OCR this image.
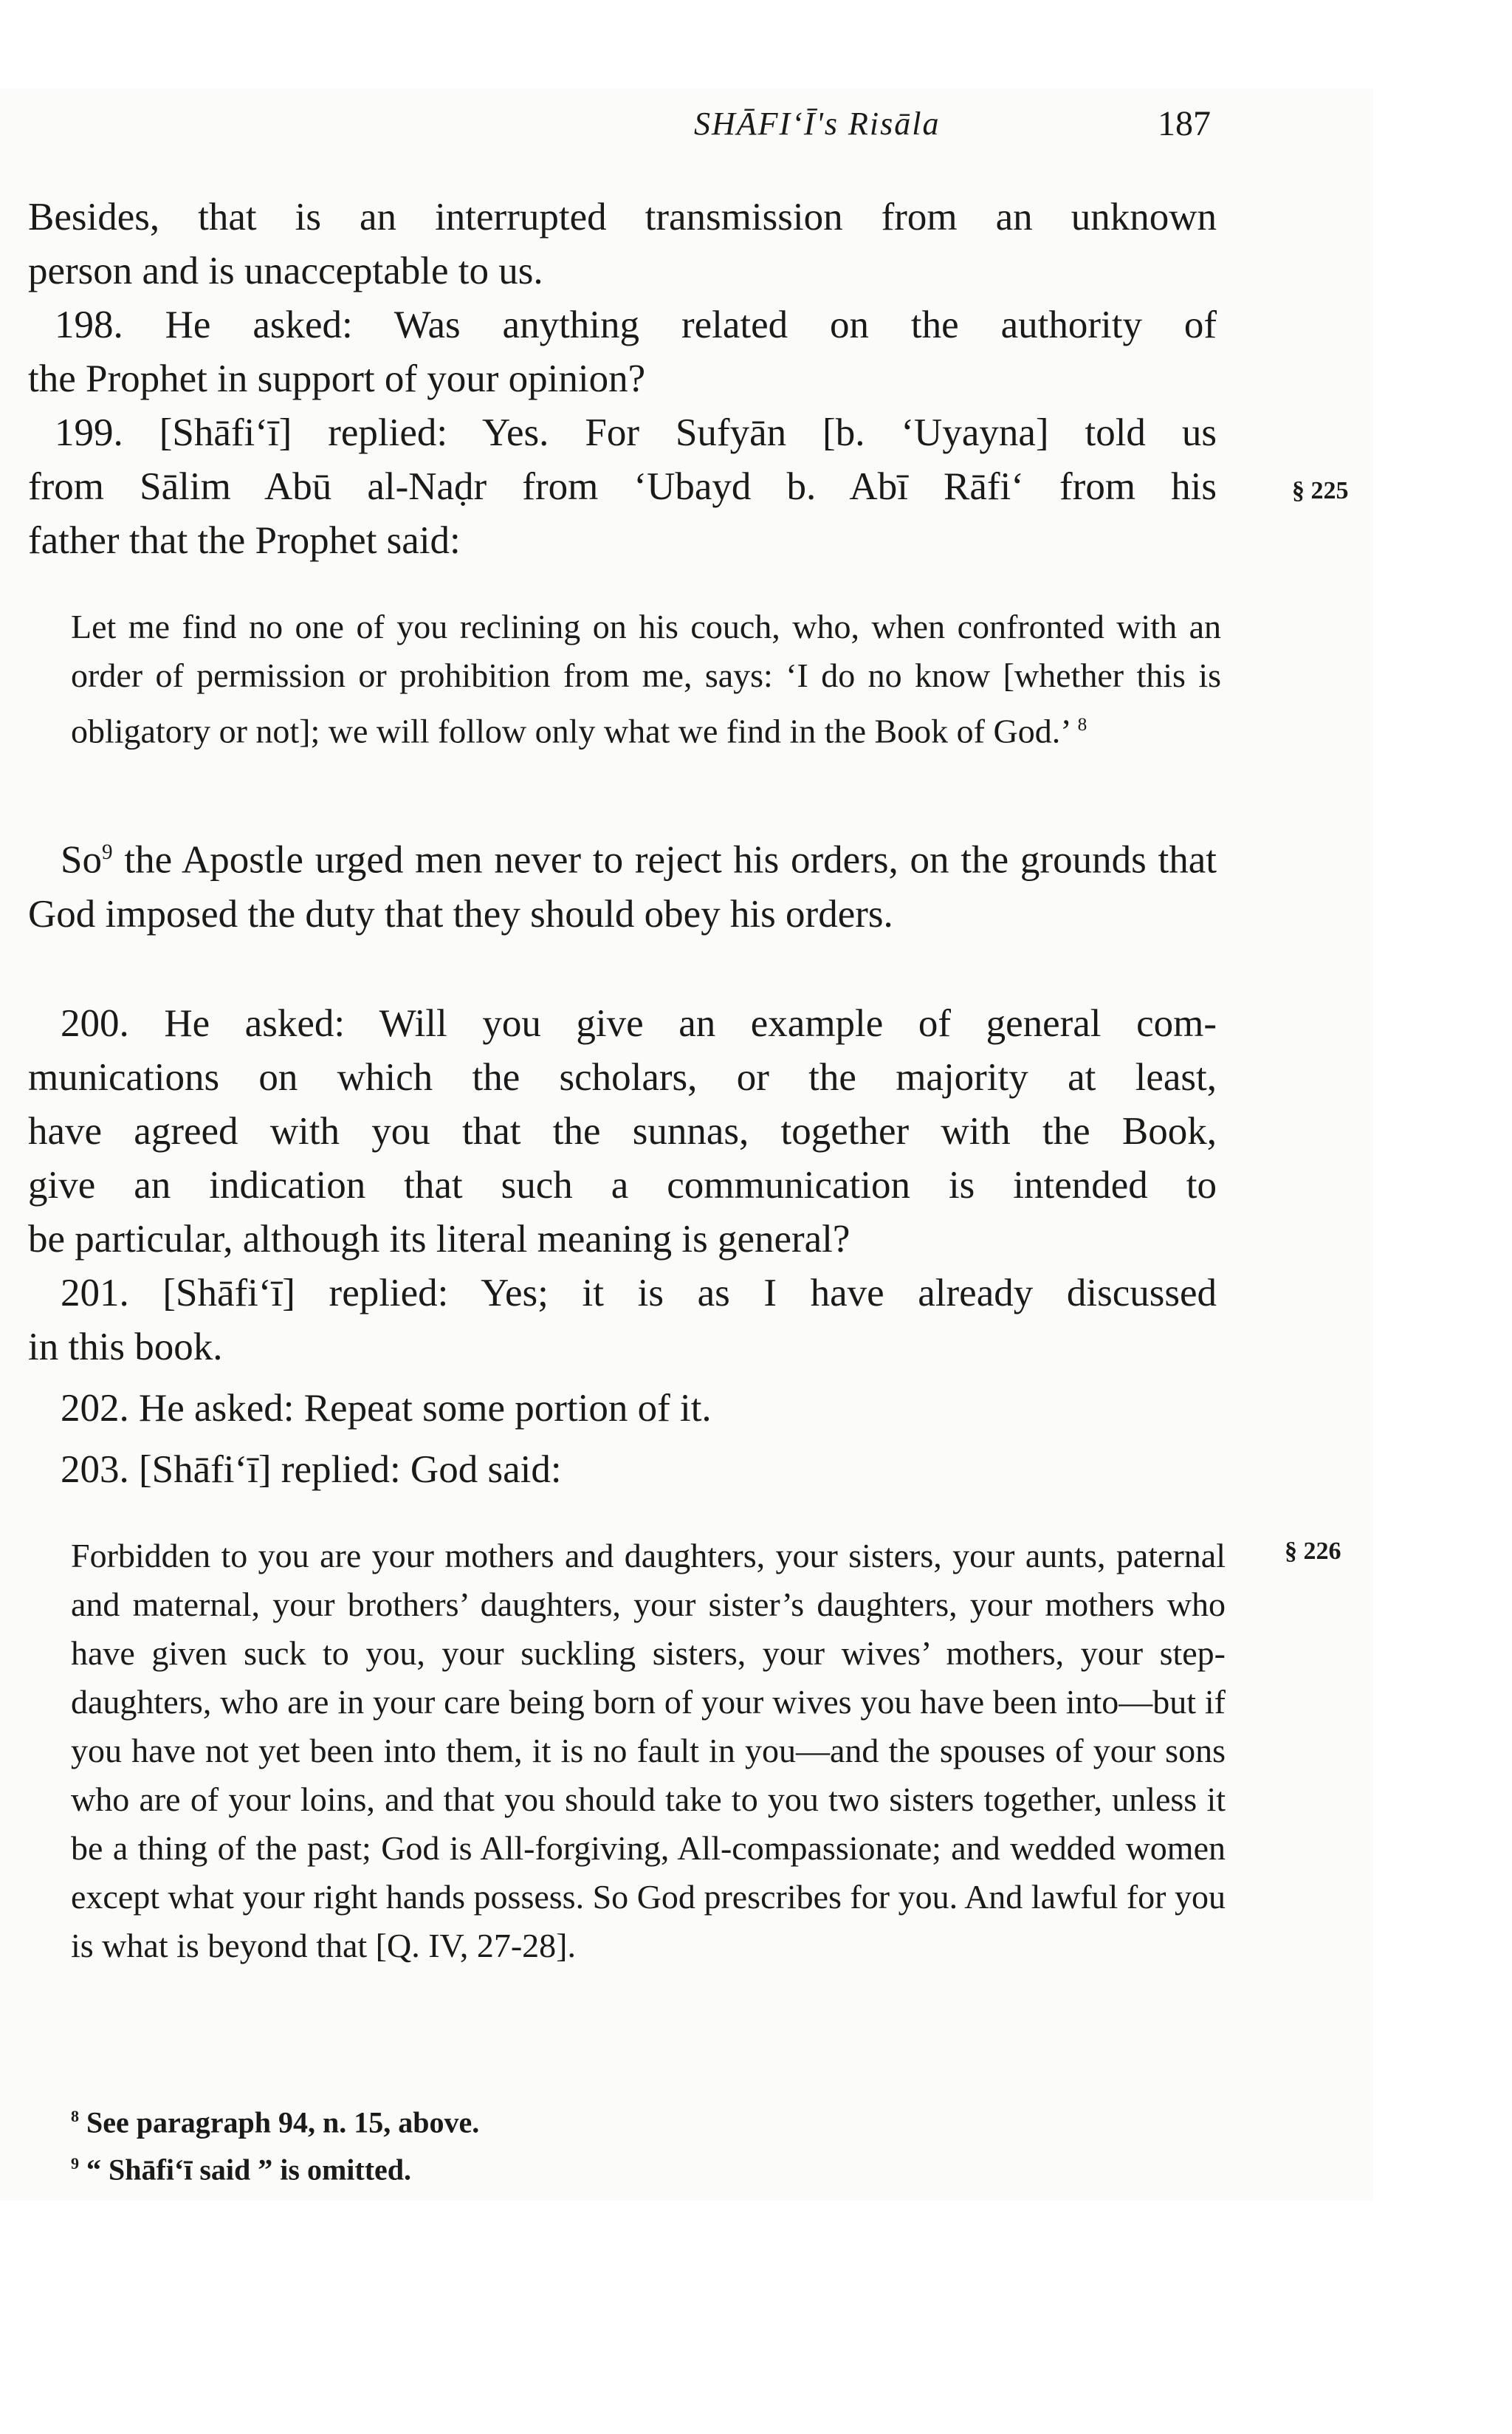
SHĀFI‘Ī's Risāla	187

Besides, that is an interrupted transmission from an unknown

person and is unacceptable to us.

198. He asked: Was anything related on the authority of

the Prophet in support of your opinion?

199. [Shāfi‘ī] replied: Yes. For Sufyān [b. ‘Uyayna] told us

from Sālim Abū al-Naḍr from ‘Ubayd b. Abī Rāfi‘ from his

father that the Prophet said:

§ 225

Let me find no one of you reclining on his couch, who, when confronted with an order of permission or prohibition from me, says: ‘I do no know [whether this is obligatory or not]; we will follow only what we find in the Book of God.’ $^8$

So$^9$ the Apostle urged men never to reject his orders, on the grounds that God imposed the duty that they should obey his orders.

200. He asked: Will you give an example of general com-

munications on which the scholars, or the majority at least,

have agreed with you that the sunnas, together with the Book,

give an indication that such a communication is intended to

be particular, although its literal meaning is general?

201. [Shāfi‘ī] replied: Yes; it is as I have already discussed

in this book.

202. He asked: Repeat some portion of it.

203. [Shāfi‘ī] replied: God said:

§ 226

Forbidden to you are your mothers and daughters, your sisters, your aunts, paternal and maternal, your brothers’ daughters, your sister’s daughters, your mothers who have given suck to you, your suckling sisters, your wives’ mothers, your step-daughters, who are in your care being born of your wives you have been into—but if you have not yet been into them, it is no fault in you—and the spouses of your sons who are of your loins, and that you should take to you two sisters together, unless it be a thing of the past; God is All-forgiving, All-compassionate; and wedded women except what your right hands possess. So God prescribes for you. And lawful for you is what is beyond that [Q. IV, 27-28].

$^8$ See paragraph 94, n. 15, above.

$^9$ “ Shāfi‘ī said ” is omitted.
